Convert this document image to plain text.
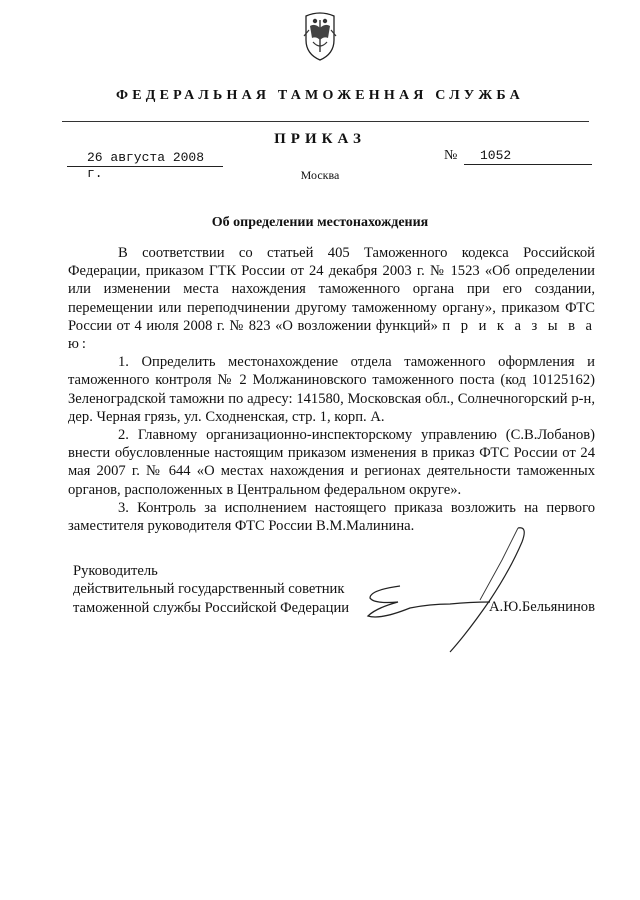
ФЕДЕРАЛЬНАЯ ТАМОЖЕННАЯ СЛУЖБА
ПРИКАЗ
26 августа 2008 г.
№ 1052
Москва
Об определении местонахождения

В соответствии со статьей 405 Таможенного кодекса Российской Федерации, приказом ГТК России от 24 декабря 2003 г. № 1523 «Об определении или изменении места нахождения таможенного органа при его создании, перемещении или переподчинении другому таможенному органу», приказом ФТС России от 4 июля 2008 г. № 823 «О возложении функций» п р и к а з ы в а ю:

1. Определить местонахождение отдела таможенного оформления и таможенного контроля № 2 Молжаниновского таможенного поста (код 10125162) Зеленоградской таможни по адресу: 141580, Московская обл., Солнечногорский р-н, дер. Черная грязь, ул. Сходненская, стр. 1, корп. А.

2. Главному организационно-инспекторскому управлению (С.В.Лобанов) внести обусловленные настоящим приказом изменения в приказ ФТС России от 24 мая 2007 г. № 644 «О местах нахождения и регионах деятельности таможенных органов, расположенных в Центральном федеральном округе».

3. Контроль за исполнением настоящего приказа возложить на первого заместителя руководителя ФТС России В.М.Малинина.

Руководитель
действительный государственный советник
таможенной службы Российской Федерации	А.Ю.Бельянинов
